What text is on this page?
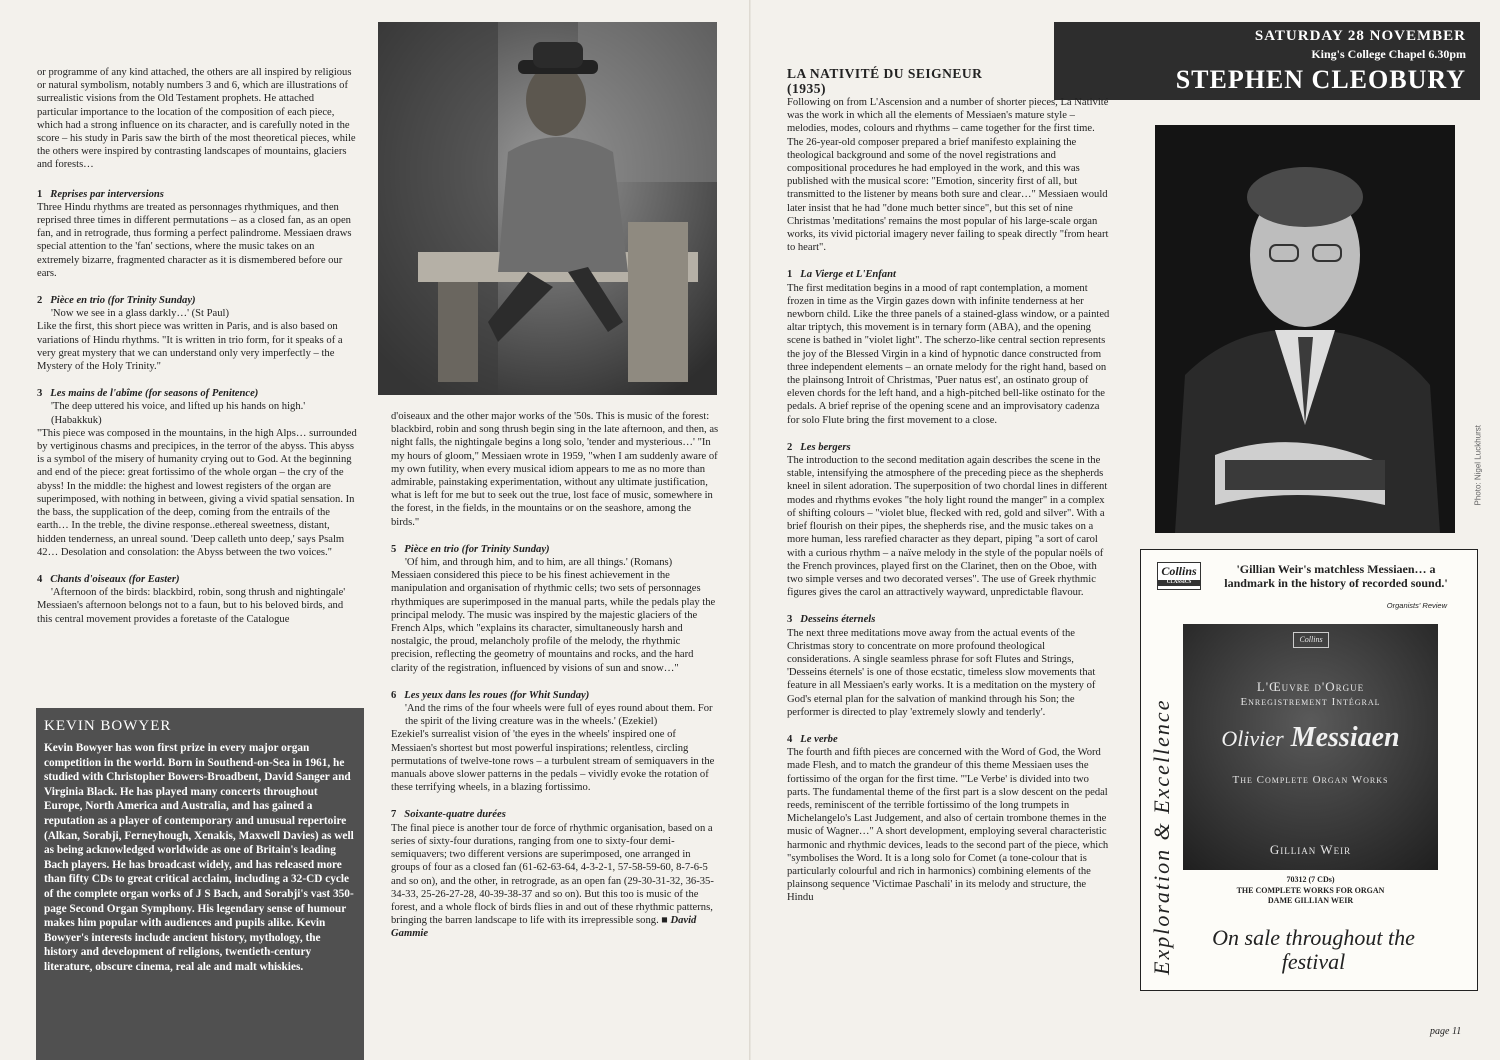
or programme of any kind attached, the others are all inspired by religious or natural symbolism, notably numbers 3 and 6, which are illustrations of surrealistic visions from the Old Testament prophets. He attached particular importance to the location of the composition of each piece, which had a strong influence on its character, and is carefully noted in the score – his study in Paris saw the birth of the most theoretical pieces, while the others were inspired by contrasting landscapes of mountains, glaciers and forests…

1 Reprises par interversions

Three Hindu rhythms are treated as personnages rhythmiques, and then reprised three times in different permutations – as a closed fan, as an open fan, and in retrograde, thus forming a perfect palindrome. Messiaen draws special attention to the 'fan' sections, where the music takes on an extremely bizarre, fragmented character as it is dismembered before our ears.

2 Pièce en trio (for Trinity Sunday)

'Now we see in a glass darkly…' (St Paul)

Like the first, this short piece was written in Paris, and is also based on variations of Hindu rhythms. "It is written in trio form, for it speaks of a very great mystery that we can understand only very imperfectly – the Mystery of the Holy Trinity."

3 Les mains de l'abîme (for seasons of Penitence)

'The deep uttered his voice, and lifted up his hands on high.' (Habakkuk)

"This piece was composed in the mountains, in the high Alps… surrounded by vertiginous chasms and precipices, in the terror of the abyss. This abyss is a symbol of the misery of humanity crying out to God. At the beginning and end of the piece: great fortissimo of the whole organ – the cry of the abyss! In the middle: the highest and lowest registers of the organ are superimposed, with nothing in between, giving a vivid spatial sensation. In the bass, the supplication of the deep, coming from the entrails of the earth… In the treble, the divine response..ethereal sweetness, distant, hidden tenderness, an unreal sound. 'Deep calleth unto deep,' says Psalm 42… Desolation and consolation: the Abyss between the two voices."

4 Chants d'oiseaux (for Easter)

'Afternoon of the birds: blackbird, robin, song thrush and nightingale'

Messiaen's afternoon belongs not to a faun, but to his beloved birds, and this central movement provides a foretaste of the Catalogue

d'oiseaux and the other major works of the '50s. This is music of the forest: blackbird, robin and song thrush begin sing in the late afternoon, and then, as night falls, the nightingale begins a long solo, 'tender and mysterious…' "In my hours of gloom," Messiaen wrote in 1959, "when I am suddenly aware of my own futility, when every musical idiom appears to me as no more than admirable, painstaking experimentation, without any ultimate justification, what is left for me but to seek out the true, lost face of music, somewhere in the forest, in the fields, in the mountains or on the seashore, among the birds."

5 Pièce en trio (for Trinity Sunday)

'Of him, and through him, and to him, are all things.' (Romans)

Messiaen considered this piece to be his finest achievement in the manipulation and organisation of rhythmic cells; two sets of personnages rhythmiques are superimposed in the manual parts, while the pedals play the principal melody. The music was inspired by the majestic glaciers of the French Alps, which "explains its character, simultaneously harsh and nostalgic, the proud, melancholy profile of the melody, the rhythmic precision, reflecting the geometry of mountains and rocks, and the hard clarity of the registration, influenced by visions of sun and snow…"

6 Les yeux dans les roues (for Whit Sunday)

'And the rims of the four wheels were full of eyes round about them. For the spirit of the living creature was in the wheels.' (Ezekiel)

Ezekiel's surrealist vision of 'the eyes in the wheels' inspired one of Messiaen's shortest but most powerful inspirations; relentless, circling permutations of twelve-tone rows – a turbulent stream of semiquavers in the manuals above slower patterns in the pedals – vividly evoke the rotation of these terrifying wheels, in a blazing fortissimo.

7 Soixante-quatre durées

The final piece is another tour de force of rhythmic organisation, based on a series of sixty-four durations, ranging from one to sixty-four demi-semiquavers; two different versions are superimposed, one arranged in groups of four as a closed fan (61-62-63-64, 4-3-2-1, 57-58-59-60, 8-7-6-5 and so on), and the other, in retrograde, as an open fan (29-30-31-32, 36-35-34-33, 25-26-27-28, 40-39-38-37 and so on). But this too is music of the forest, and a whole flock of birds flies in and out of these rhythmic patterns, bringing the barren landscape to life with its irrepressible song. ■ David Gammie

KEVIN BOWYER

Kevin Bowyer has won first prize in every major organ competition in the world. Born in Southend-on-Sea in 1961, he studied with Christopher Bowers-Broadbent, David Sanger and Virginia Black. He has played many concerts throughout Europe, North America and Australia, and has gained a reputation as a player of contemporary and unusual repertoire (Alkan, Sorabji, Ferneyhough, Xenakis, Maxwell Davies) as well as being acknowledged worldwide as one of Britain's leading Bach players. He has broadcast widely, and has released more than fifty CDs to great critical acclaim, including a 32-CD cycle of the complete organ works of J S Bach, and Sorabji's vast 350-page Second Organ Symphony. His legendary sense of humour makes him popular with audiences and pupils alike. Kevin Bowyer's interests include ancient history, mythology, the history and development of religions, twentieth-century literature, obscure cinema, real ale and malt whiskies.

SATURDAY 28 NOVEMBER
King's College Chapel 6.30pm
STEPHEN CLEOBURY
Photo: Nigel Luckhurst
LA NATIVITÉ DU SEIGNEUR
(1935)

Following on from L'Ascension and a number of shorter pieces, La Nativité was the work in which all the elements of Messiaen's mature style – melodies, modes, colours and rhythms – came together for the first time. The 26-year-old composer prepared a brief manifesto explaining the theological background and some of the novel registrations and compositional procedures he had employed in the work, and this was published with the musical score: "Emotion, sincerity first of all, but transmitted to the listener by means both sure and clear…" Messiaen would later insist that he had "done much better since", but this set of nine Christmas 'meditations' remains the most popular of his large-scale organ works, its vivid pictorial imagery never failing to speak directly "from heart to heart".

1 La Vierge et L'Enfant

The first meditation begins in a mood of rapt contemplation, a moment frozen in time as the Virgin gazes down with infinite tenderness at her newborn child. Like the three panels of a stained-glass window, or a painted altar triptych, this movement is in ternary form (ABA), and the opening scene is bathed in "violet light". The scherzo-like central section represents the joy of the Blessed Virgin in a kind of hypnotic dance constructed from three independent elements – an ornate melody for the right hand, based on the plainsong Introit of Christmas, 'Puer natus est', an ostinato group of eleven chords for the left hand, and a high-pitched bell-like ostinato for the pedals. A brief reprise of the opening scene and an improvisatory cadenza for solo Flute bring the first movement to a close.

2 Les bergers

The introduction to the second meditation again describes the scene in the stable, intensifying the atmosphere of the preceding piece as the shepherds kneel in silent adoration. The superposition of two chordal lines in different modes and rhythms evokes "the holy light round the manger" in a complex of shifting colours – "violet blue, flecked with red, gold and silver". With a brief flourish on their pipes, the shepherds rise, and the music takes on a more human, less rarefied character as they depart, piping "a sort of carol with a curious rhythm – a naïve melody in the style of the popular noëls of the French provinces, played first on the Clarinet, then on the Oboe, with two simple verses and two decorated verses". The use of Greek rhythmic figures gives the carol an attractively wayward, unpredictable flavour.

3 Desseins éternels

The next three meditations move away from the actual events of the Christmas story to concentrate on more profound theological considerations. A single seamless phrase for soft Flutes and Strings, 'Desseins éternels' is one of those ecstatic, timeless slow movements that feature in all Messiaen's early works. It is a meditation on the mystery of God's eternal plan for the salvation of mankind through his Son; the performer is directed to play 'extremely slowly and tenderly'.

4 Le verbe

The fourth and fifth pieces are concerned with the Word of God, the Word made Flesh, and to match the grandeur of this theme Messiaen uses the fortissimo of the organ for the first time. "'Le Verbe' is divided into two parts. The fundamental theme of the first part is a slow descent on the pedal reeds, reminiscent of the terrible fortissimo of the long trumpets in Michelangelo's Last Judgement, and also of certain trombone themes in the music of Wagner…" A short development, employing several characteristic harmonic and rhythmic devices, leads to the second part of the piece, which "symbolises the Word. It is a long solo for Comet (a tone-colour that is particularly colourful and rich in harmonics) combining elements of the plainsong sequence 'Victimae Paschali' in its melody and structure, the Hindu

Collins
CLASSICS
'Gillian Weir's matchless Messiaen… a landmark in the history of recorded sound.'
Organists' Review
Exploration & Excellence
Collins
L'Œuvre d'Orgue
Enregistrement Intégral
Olivier Messiaen
The Complete Organ Works
Gillian Weir
70312 (7 CDs)
THE COMPLETE WORKS FOR ORGAN
DAME GILLIAN WEIR
On sale throughout the festival
page 11
